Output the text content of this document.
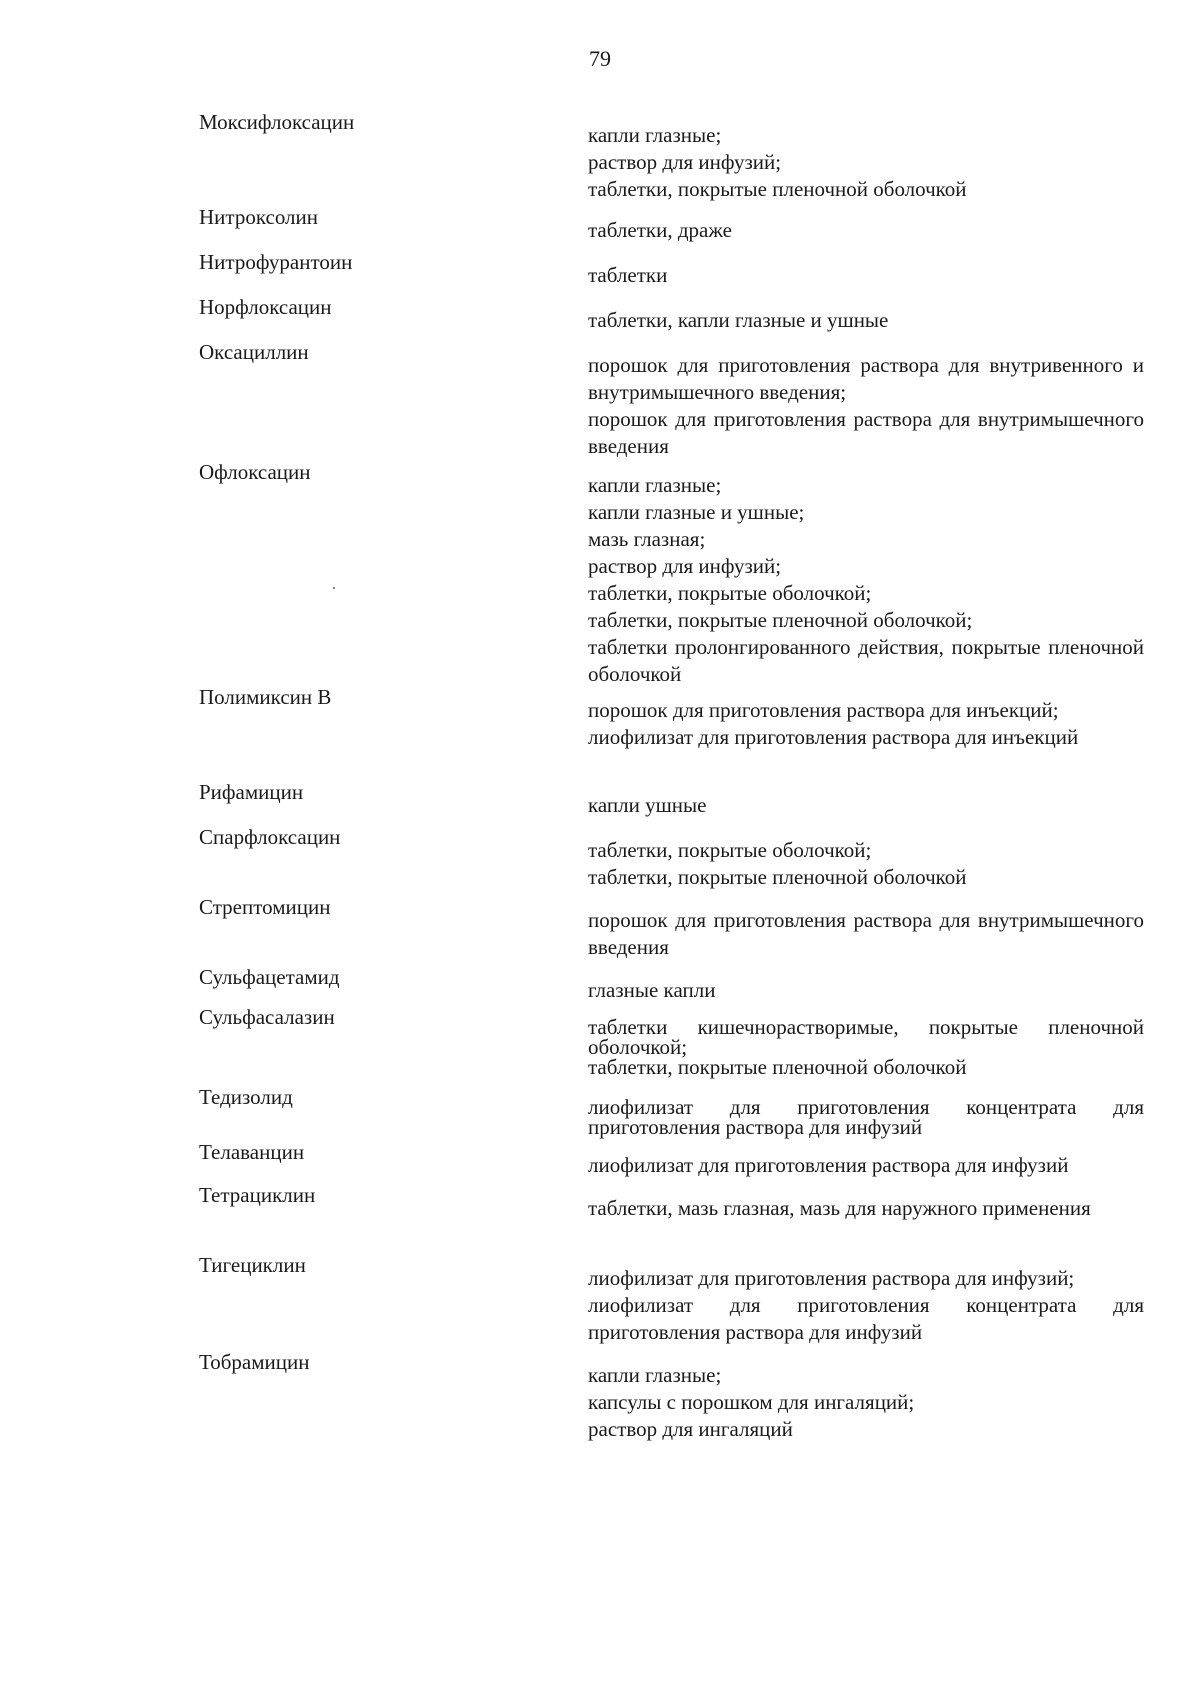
79
Моксифлоксацин
капли глазные;
раствор для инфузий;
таблетки, покрытые пленочной оболочкой
Нитроксолин
таблетки, драже
Нитрофурантоин
таблетки
Норфлоксацин
таблетки, капли глазные и ушные
Оксациллин
порошок для приготовления раствора для внутривенного и внутримышечного введения;
порошок для приготовления раствора для внутримышечного введения
Офлоксацин
капли глазные;
капли глазные и ушные;
мазь глазная;
раствор для инфузий;
таблетки, покрытые оболочкой;
таблетки, покрытые пленочной оболочкой;
таблетки пролонгированного действия, покрытые пленочной оболочкой
Полимиксин В
порошок для приготовления раствора для инъекций;
лиофилизат для приготовления раствора для инъекций
Рифамицин
капли ушные
Спарфлоксацин
таблетки, покрытые оболочкой;
таблетки, покрытые пленочной оболочкой
Стрептомицин
порошок для приготовления раствора для внутримышечного введения
Сульфацетамид
глазные капли
Сульфасалазин	таблетки кишечнорастворимые, покрытые пленочной оболочкой;
таблетки, покрытые пленочной оболочкой
Тедизолид	лиофилизат для приготовления концентрата для приготовления раствора для инфузий
Телаванцин
лиофилизат для приготовления раствора для инфузий
Тетрациклин
таблетки, мазь глазная, мазь для наружного применения
Тигециклин
лиофилизат для приготовления раствора для инфузий;
лиофилизат для приготовления концентрата для приготовления раствора для инфузий
Тобрамицин
капли глазные;
капсулы с порошком для ингаляций;
раствор для ингаляций
